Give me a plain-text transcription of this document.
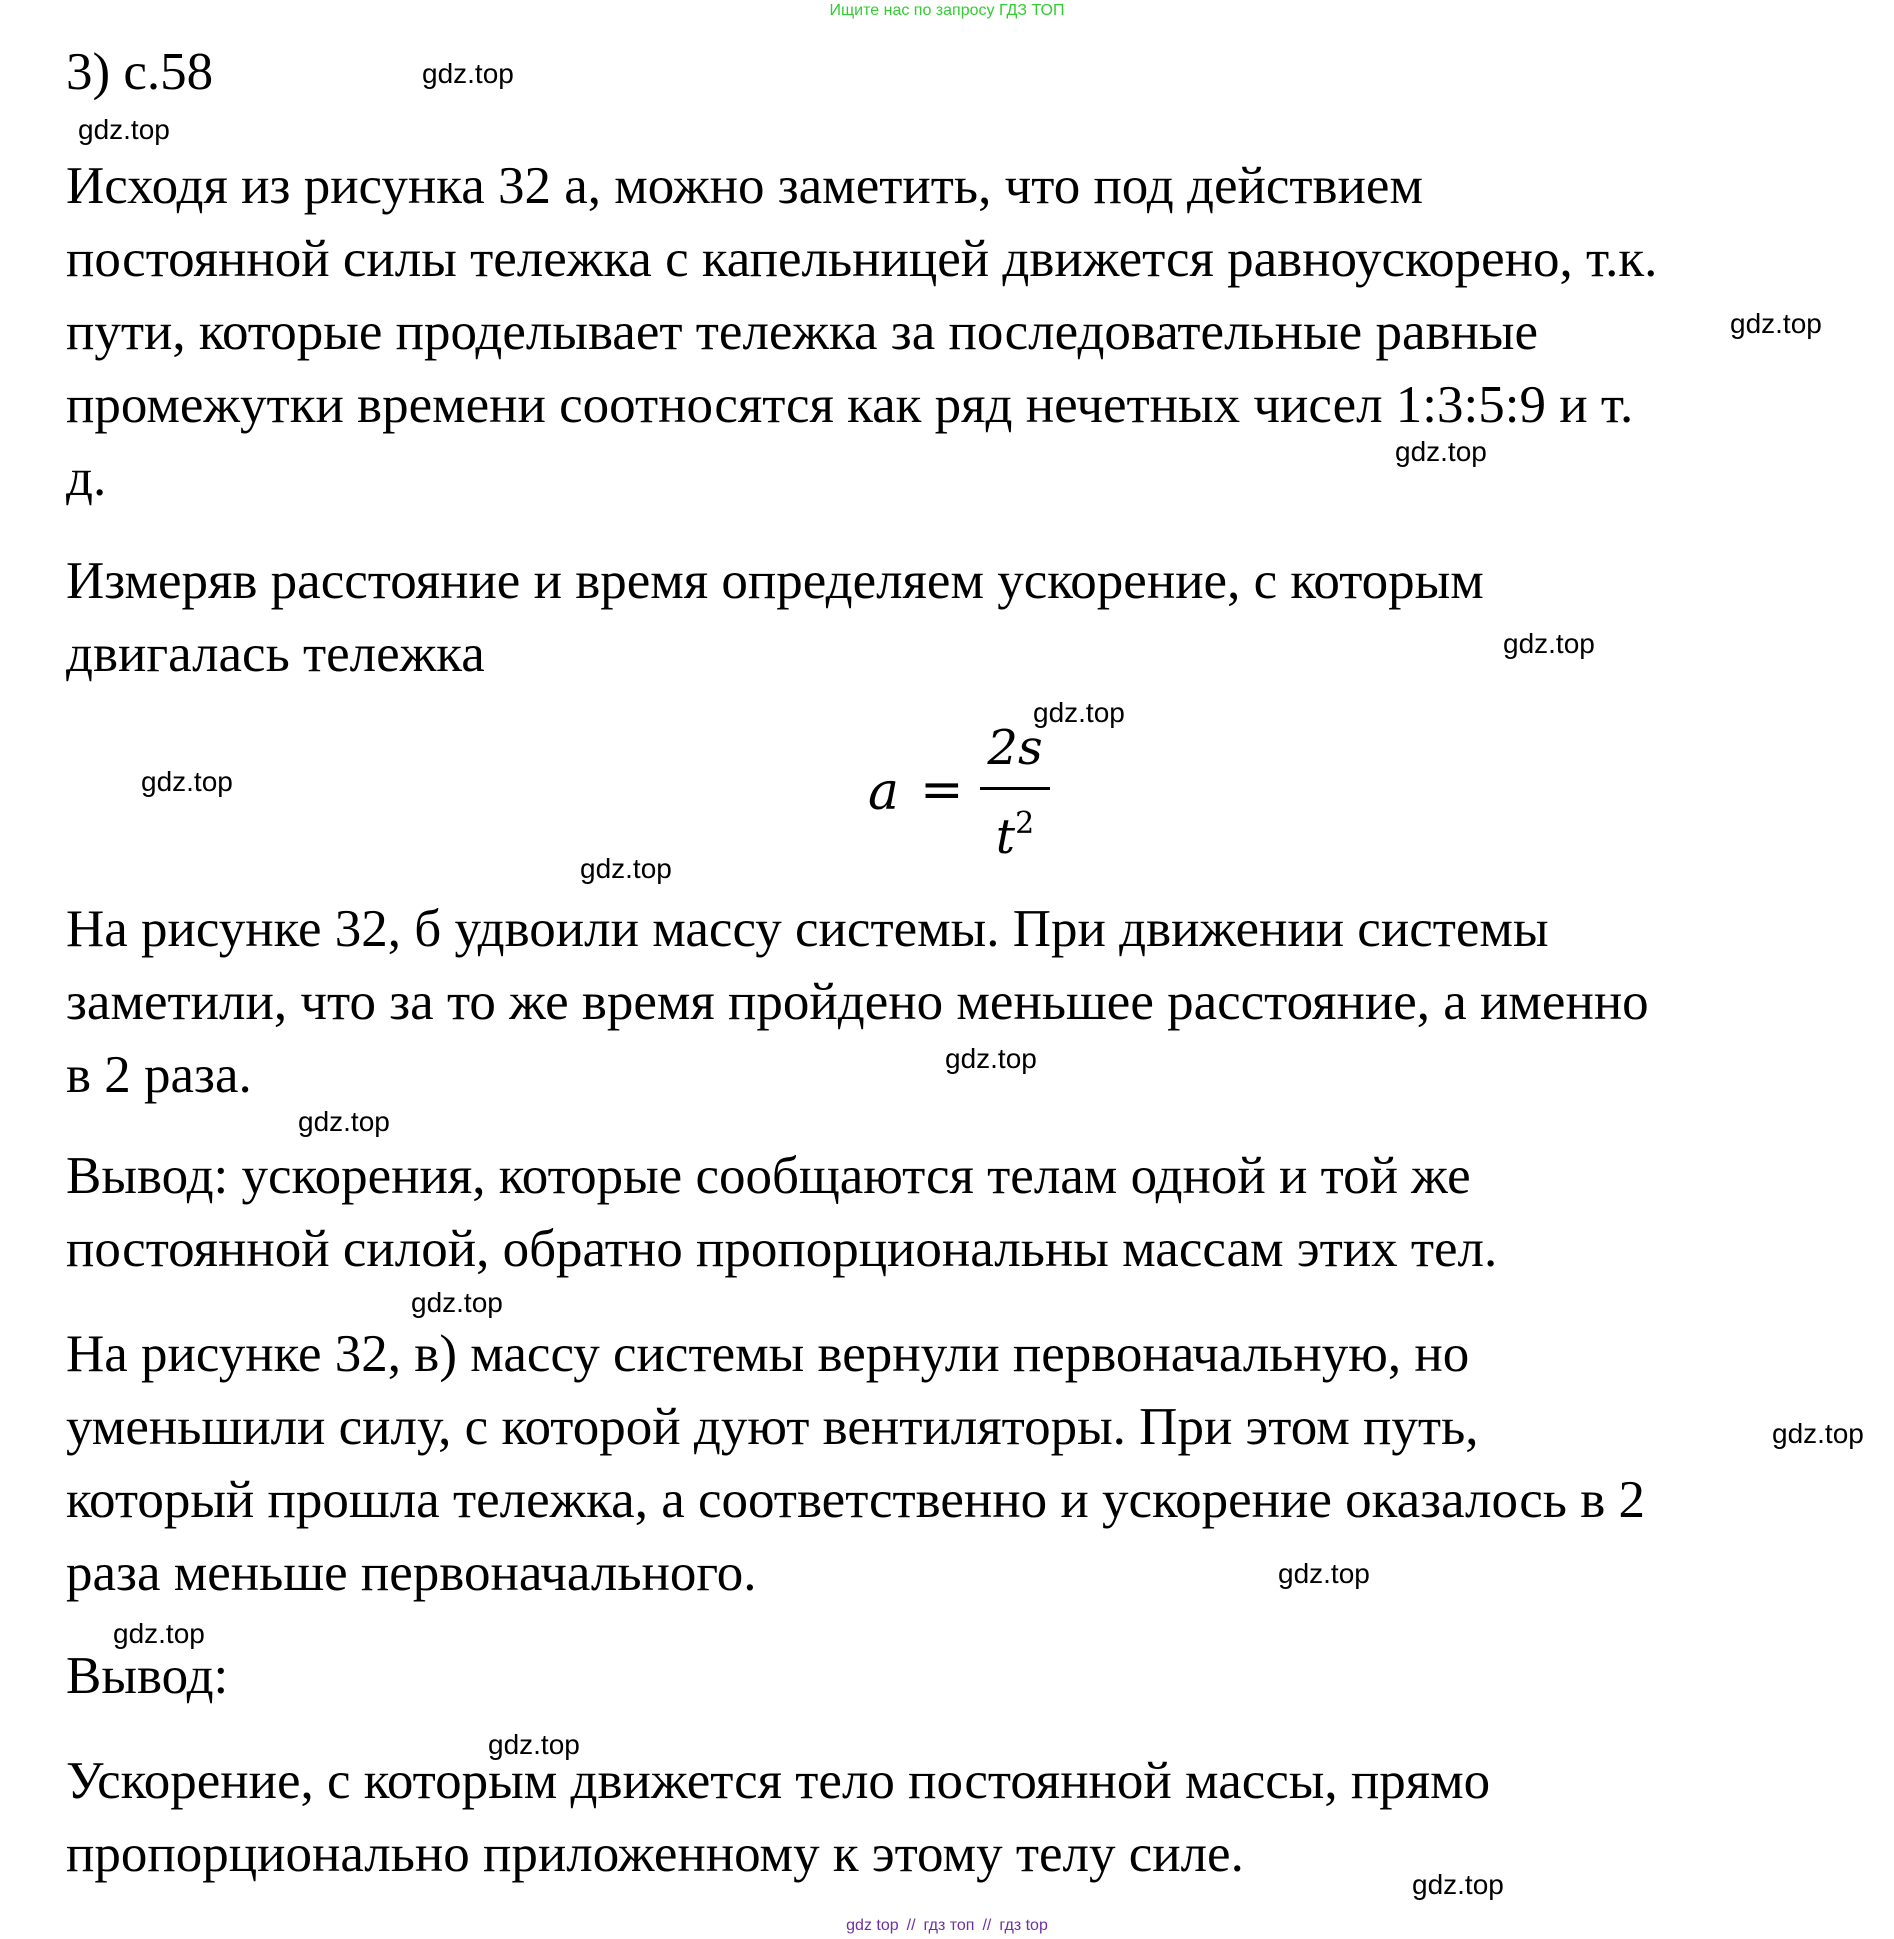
Ищите нас по запросу ГДЗ ТОП
3) с.58
Исходя из рисунка 32 а, можно заметить, что под действием
постоянной силы тележка с капельницей движется равноускорено, т.к.
пути, которые проделывает тележка за последовательные равные
промежутки времени соотносятся как ряд нечетных чисел 1:3:5:9 и т.
д.
Измеряв расстояние и время определяем ускорение, с которым
двигалась тележка
a =
2s
$t^2$
На рисунке 32, б удвоили массу системы. При движении системы
заметили, что за то же время пройдено меньшее расстояние, а именно
в 2 раза.
Вывод: ускорения, которые сообщаются телам одной и той же
постоянной силой, обратно пропорциональны массам этих тел.
На рисунке 32, в) массу системы вернули первоначальную, но
уменьшили силу, с которой дуют вентиляторы. При этом путь,
который прошла тележка, а соответственно и ускорение оказалось в 2
раза меньше первоначального.
Вывод:
Ускорение, с которым движется тело постоянной массы, прямо
пропорционально приложенному к этому телу силе.
gdz.top
gdz.top
gdz.top
gdz.top
gdz.top
gdz.top
gdz.top
gdz.top
gdz.top
gdz.top
gdz.top
gdz.top
gdz.top
gdz.top
gdz.top
gdz.top
gdz top // гдз топ // гдз top
